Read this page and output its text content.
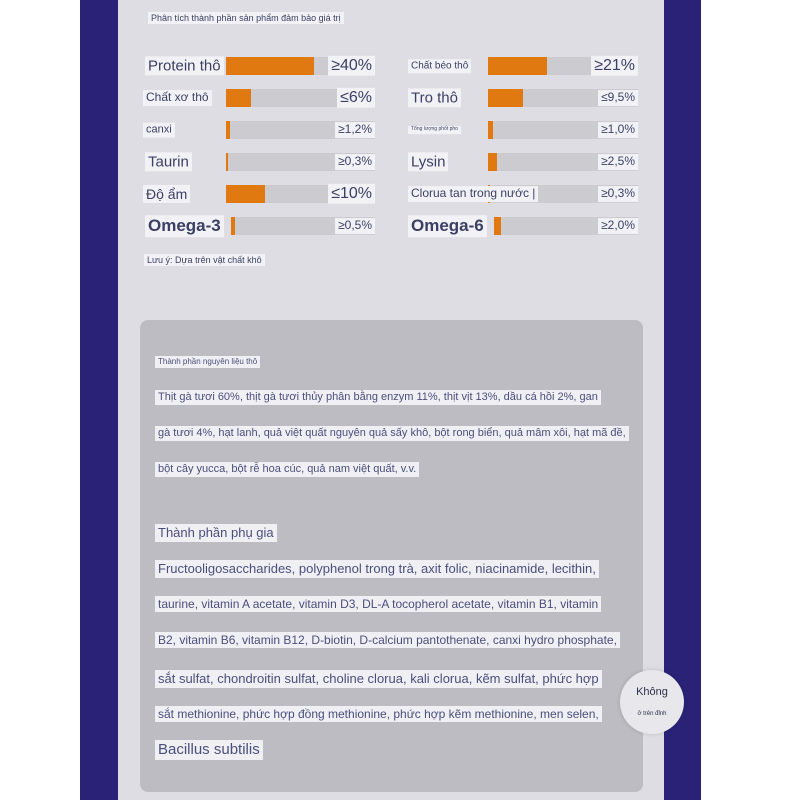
Phân tích thành phần sản phẩm đảm bảo giá trị
Protein thô	≥40%
Chất xơ thô	≤6%
canxi	≥1,2%
Taurin	≥0,3%
Độ ẩm	≤10%
Omega-3	≥0,5%
Chất béo thô	≥21%
Tro thô	≤9,5%
Tổng lượng phốt pho	≥1,0%
Lysin	≥2,5%
Clorua tan trong nước |	≥0,3%
Omega-6	≥2,0%
Lưu ý: Dựa trên vật chất khô
Thành phần nguyên liệu thô
Thịt gà tươi 60%, thịt gà tươi thủy phân bằng enzym 11%, thịt vịt 13%, dầu cá hồi 2%, gan
gà tươi 4%, hạt lanh, quả việt quất nguyên quả sấy khô, bột rong biển, quả mâm xôi, hạt mã đề,
bột cây yucca, bột rễ hoa cúc, quả nam việt quất, v.v.
Thành phần phụ gia
Fructooligosaccharides, polyphenol trong trà, axit folic, niacinamide, lecithin,
taurine, vitamin A acetate, vitamin D3, DL-A tocopherol acetate, vitamin B1, vitamin
B2, vitamin B6, vitamin B12, D-biotin, D-calcium pantothenate, canxi hydro phosphate,
sắt sulfat, chondroitin sulfat, choline clorua, kali clorua, kẽm sulfat, phức hợp
sắt methionine, phức hợp đồng methionine, phức hợp kẽm methionine, men selen,
Bacillus subtilis
Không
ở trên đỉnh
